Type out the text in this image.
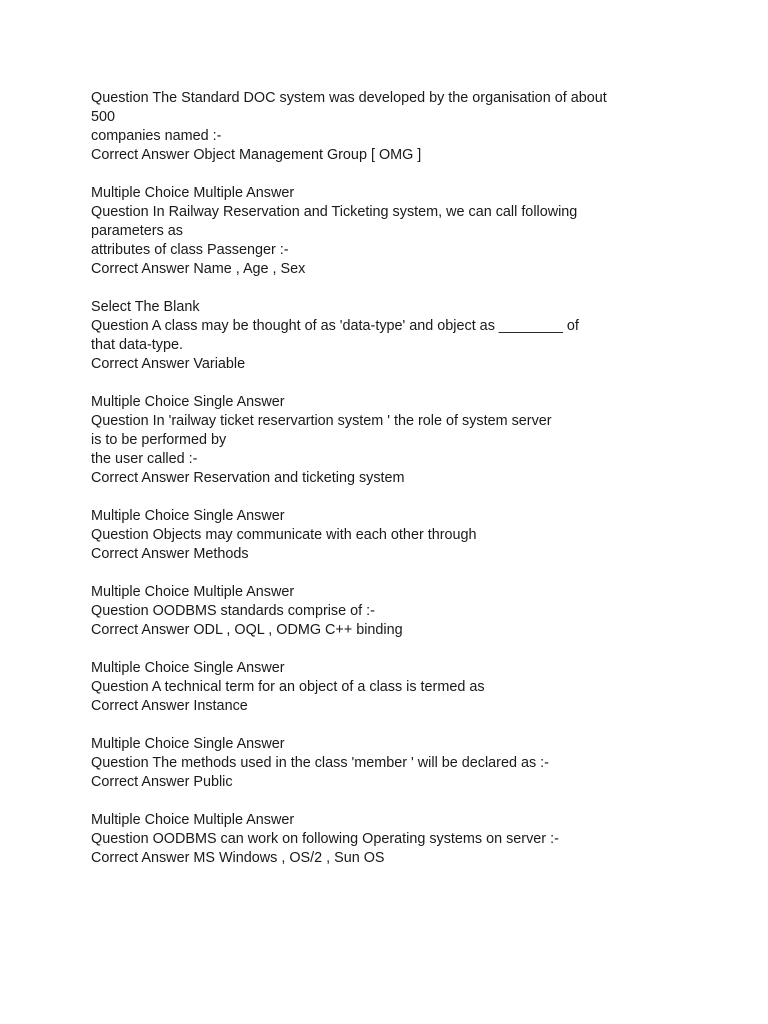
Question The Standard DOC system was developed by the organisation of about
500
companies named :-
Correct Answer Object Management Group [ OMG ]
Multiple Choice Multiple Answer
Question In Railway Reservation and Ticketing system, we can call following
parameters as
attributes of class Passenger :-
Correct Answer Name , Age , Sex
Select The Blank
Question A class may be thought of as 'data-type' and object as ________ of
that data-type.
Correct Answer Variable
Multiple Choice Single Answer
Question In 'railway ticket reservartion system ' the role of system server
is to be performed by
the user called :-
Correct Answer Reservation and ticketing system
Multiple Choice Single Answer
Question Objects may communicate with each other through
Correct Answer Methods
Multiple Choice Multiple Answer
Question OODBMS standards comprise of :-
Correct Answer ODL , OQL , ODMG C++ binding
Multiple Choice Single Answer
Question A technical term for an object of a class is termed as
Correct Answer Instance
Multiple Choice Single Answer
Question The methods used in the class 'member ' will be declared as :-
Correct Answer Public
Multiple Choice Multiple Answer
Question OODBMS can work on following Operating systems on server :-
Correct Answer MS Windows , OS/2 , Sun OS
